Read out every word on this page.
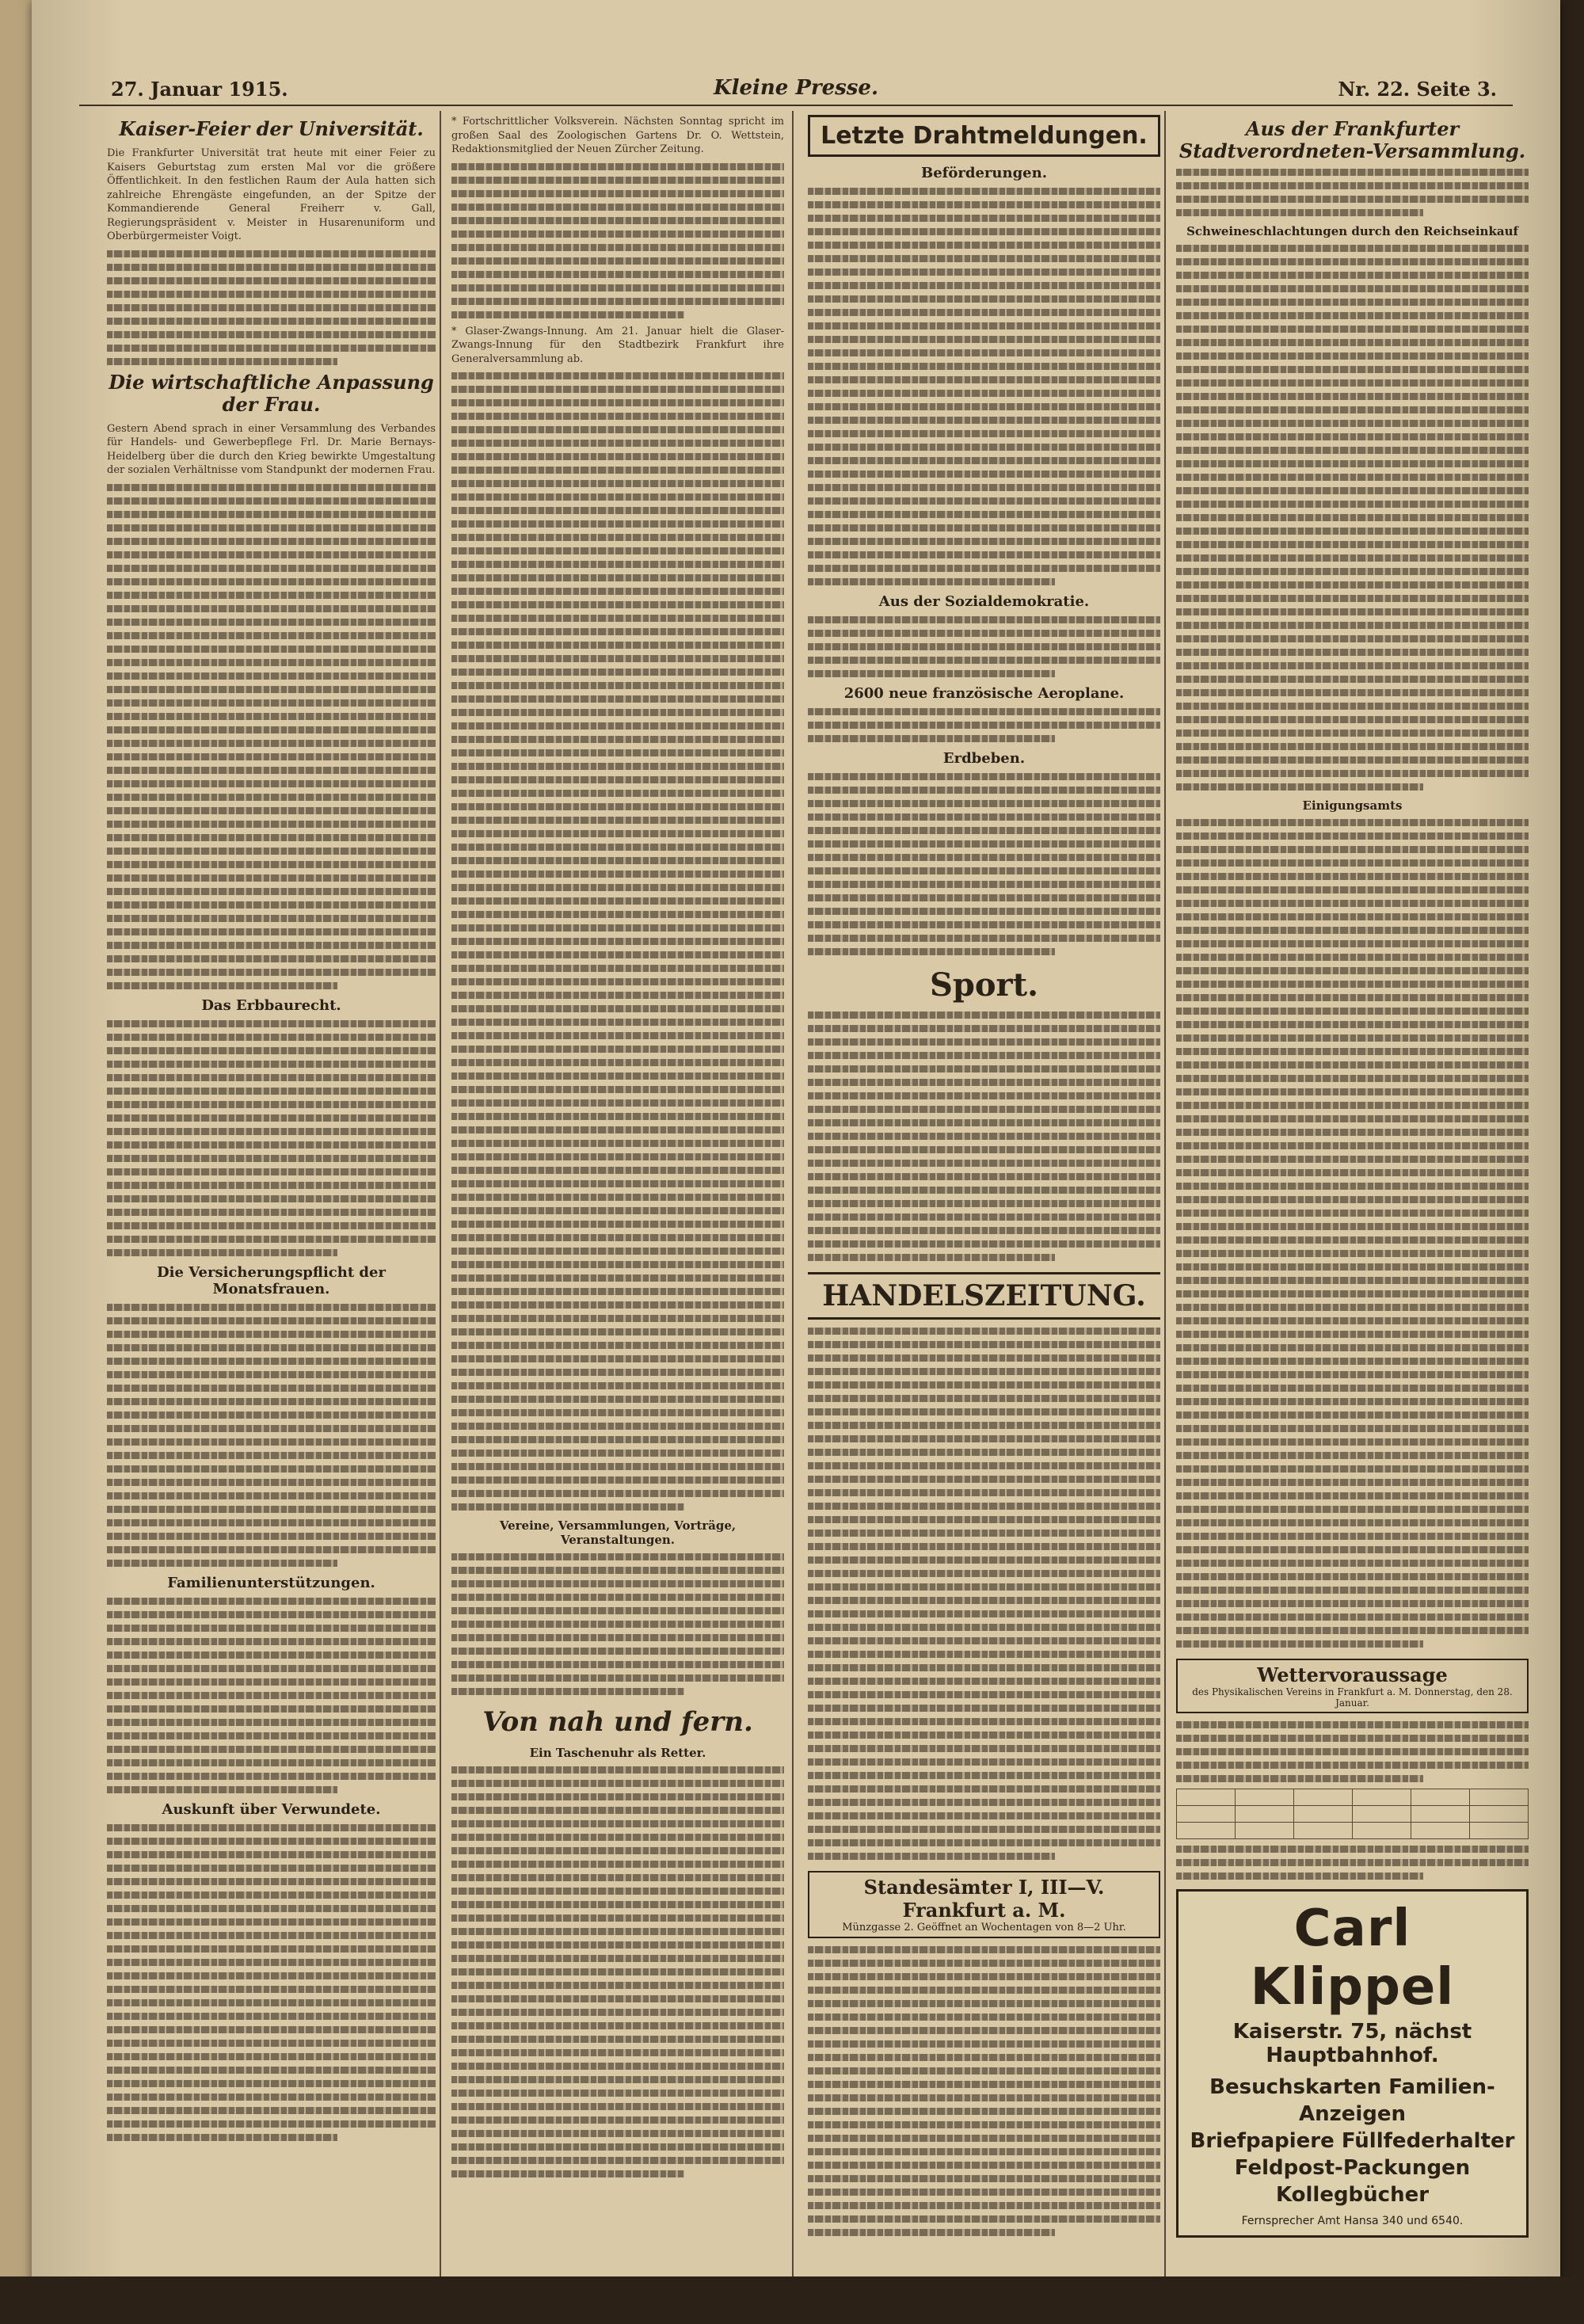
27. Januar 1915.	Kleine Presse.	Nr. 22. Seite 3.
Kaiser-Feier der Universität.

Die Frankfurter Universität trat heute mit einer Feier zu Kaisers Geburtstag zum ersten Mal vor die größere Öffentlichkeit. In den festlichen Raum der Aula hatten sich zahlreiche Ehrengäste eingefunden, an der Spitze der Kommandierende General Freiherr v. Gall, Regierungspräsident v. Meister in Husarenuniform und Oberbürgermeister Voigt.

Die wirtschaftliche Anpassung der Frau.

Gestern Abend sprach in einer Versammlung des Verbandes für Handels- und Gewerbepflege Frl. Dr. Marie Bernays-Heidelberg über die durch den Krieg bewirkte Umgestaltung der sozialen Verhältnisse vom Standpunkt der modernen Frau.

Das Erbbaurecht.
Die Versicherungspflicht der Monatsfrauen.
Familienunterstützungen.
Auskunft über Verwundete.

* Fortschrittlicher Volksverein. Nächsten Sonntag spricht im großen Saal des Zoologischen Gartens Dr. O. Wettstein, Redaktionsmitglied der Neuen Zürcher Zeitung.

* Glaser-Zwangs-Innung. Am 21. Januar hielt die Glaser-Zwangs-Innung für den Stadtbezirk Frankfurt ihre Generalversammlung ab.

Vereine, Versammlungen, Vorträge, Veranstaltungen.
Von nah und fern.
Ein Taschenuhr als Retter.
Letzte Drahtmeldungen.
Beförderungen.
Aus der Sozialdemokratie.
2600 neue französische Aeroplane.
Erdbeben.
Sport.
HANDELSZEITUNG.
Standesämter I, III—V. Frankfurt a. M.
Münzgasse 2. Geöffnet an Wochentagen von 8—2 Uhr.
Aus der Frankfurter Stadtverordneten-Versammlung.
Schweineschlachtungen durch den Reichseinkauf
Einigungsamts
Wettervoraussage
des Physikalischen Vereins in Frankfurt a. M. Donnerstag, den 28. Januar.

Carl Klippel
Kaiserstr. 75, nächst Hauptbahnhof.
Besuchskarten Familien-Anzeigen
Briefpapiere Füllfederhalter
Feldpost-Packungen Kollegbücher
Fernsprecher Amt Hansa 340 und 6540.
